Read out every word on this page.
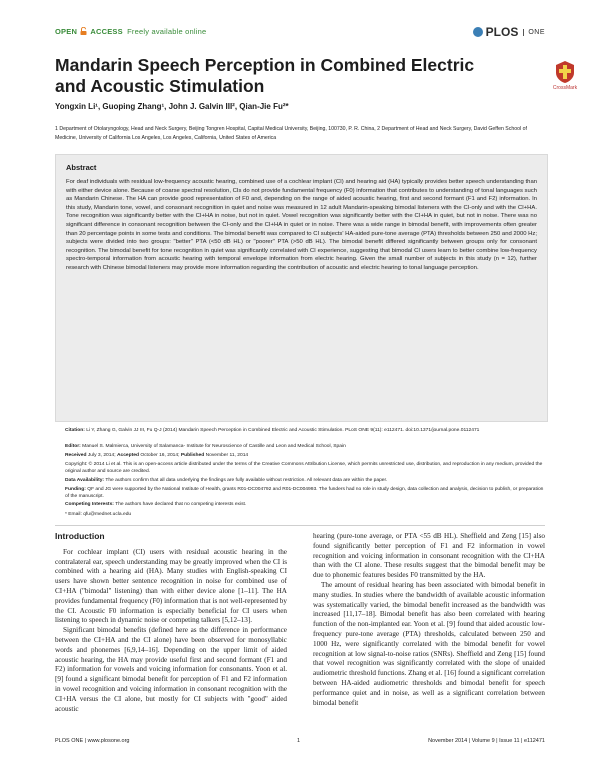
OPEN ACCESS Freely available online	PLOS	ONE
Mandarin Speech Perception in Combined Electric and Acoustic Stimulation	CrossMark
Yongxin Li¹, Guoping Zhang¹, John J. Galvin III², Qian-Jie Fu²*
1 Department of Otolaryngology, Head and Neck Surgery, Beijing Tongren Hospital, Capital Medical University, Beijing, 100730, P. R. China, 2 Department of Head and Neck Surgery, David Geffen School of Medicine, University of California Los Angeles, Los Angeles, California, United States of America
Abstract
For deaf individuals with residual low-frequency acoustic hearing, combined use of a cochlear implant (CI) and hearing aid (HA) typically provides better speech understanding than with either device alone. Because of coarse spectral resolution, CIs do not provide fundamental frequency (F0) information that contributes to understanding of tonal languages such as Mandarin Chinese. The HA can provide good representation of F0 and, depending on the range of aided acoustic hearing, first and second formant (F1 and F2) information. In this study, Mandarin tone, vowel, and consonant recognition in quiet and noise was measured in 12 adult Mandarin-speaking bimodal listeners with the CI-only and with the CI+HA. Tone recognition was significantly better with the CI+HA in noise, but not in quiet. Vowel recognition was significantly better with the CI+HA in quiet, but not in noise. There was no significant difference in consonant recognition between the CI-only and the CI+HA in quiet or in noise. There was a wide range in bimodal benefit, with improvements often greater than 20 percentage points in some tests and conditions. The bimodal benefit was compared to CI subjects' HA-aided pure-tone average (PTA) thresholds between 250 and 2000 Hz; subjects were divided into two groups: "better" PTA (<50 dB HL) or "poorer" PTA (>50 dB HL). The bimodal benefit differed significantly between groups only for consonant recognition. The bimodal benefit for tone recognition in quiet was significantly correlated with CI experience, suggesting that bimodal CI users learn to better combine low-frequency spectro-temporal information from acoustic hearing with temporal envelope information from electric hearing. Given the small number of subjects in this study (n = 12), further research with Chinese bimodal listeners may provide more information regarding the contribution of acoustic and electric hearing to tonal language perception.
Citation: Li Y, Zhang G, Galvin JJ III, Fu Q-J (2014) Mandarin Speech Perception in Combined Electric and Acoustic Stimulation. PLoS ONE 9(11): e112471. doi:10.1371/journal.pone.0112471
Editor: Manuel S. Malmierca, University of Salamanca- Institute for Neuroscience of Castille and Leon and Medical School, Spain
Received July 3, 2014; Accepted October 16, 2014; Published November 11, 2014
Copyright: © 2014 Li et al. This is an open-access article distributed under the terms of the Creative Commons Attribution License, which permits unrestricted use, distribution, and reproduction in any medium, provided the original author and source are credited.
Data Availability: The authors confirm that all data underlying the findings are fully available without restriction. All relevant data are within the paper.
Introduction

For cochlear implant (CI) users with residual acoustic hearing in the contralateral ear, speech understanding may be greatly improved when the CI is combined with a hearing aid (HA). Many studies with English-speaking CI users have shown better sentence recognition in noise for combined use of CI+HA ("bimodal" listening) than with either device alone [1–11]. The HA provides fundamental frequency (F0) information that is not well-represented by the CI. Acoustic F0 information is especially beneficial for CI users when listening to speech in dynamic noise or competing talkers [5,12–13].

Significant bimodal benefits (defined here as the difference in performance between the CI+HA and the CI alone) have been observed for monosyllabic words and phonemes [6,9,14–16]. Depending on the upper limit of aided acoustic hearing, the HA may provide useful first and second formant (F1 and F2) information for vowels and voicing information for consonants. Yoon et al. [9] found a significant bimodal benefit for perception of F1 and F2 information in vowel recognition and voicing information in consonant recognition with the CI+HA versus the CI alone, but mostly for CI subjects with "good" aided acoustic

hearing (pure-tone average, or PTA <55 dB HL). Sheffield and Zeng [15] also found significantly better perception of F1 and F2 information in vowel recognition and voicing information in consonant recognition with the CI+HA than with the CI alone. These results suggest that the bimodal benefit may be due to phonemic features besides F0 transmitted by the HA.

The amount of residual hearing has been associated with bimodal benefit in many studies. In studies where the bandwidth of available acoustic information was systematically varied, the bimodal benefit increased as the bandwidth was increased [11,17–18]. Bimodal benefit has also been correlated with hearing function of the non-implanted ear. Yoon et al. [9] found that aided acoustic low-frequency pure-tone average (PTA) thresholds, calculated between 250 and 1000 Hz, were significantly correlated with the bimodal benefit for vowel recognition at low signal-to-noise ratios (SNRs). Sheffield and Zeng [15] found that vowel recognition was significantly correlated with the slope of unaided audiometric threshold functions. Zhang et al. [16] found a significant correlation between HA-aided audiometric thresholds and bimodal benefit for speech performance quiet and in noise, as well as a significant correlation between bimodal benefit

PLOS ONE | www.plosone.org	1	November 2014 | Volume 9 | Issue 11 | e112471
Funding: QF and JG were supported by the National Institute of Health, grants R01-DC004792 and R01-DC004993. The funders had no role in study design, data collection and analysis, decision to publish, or preparation of the manuscript.
Competing Interests: The authors have declared that no competing interests exist.
* Email: qfu@mednet.ucla.edu
